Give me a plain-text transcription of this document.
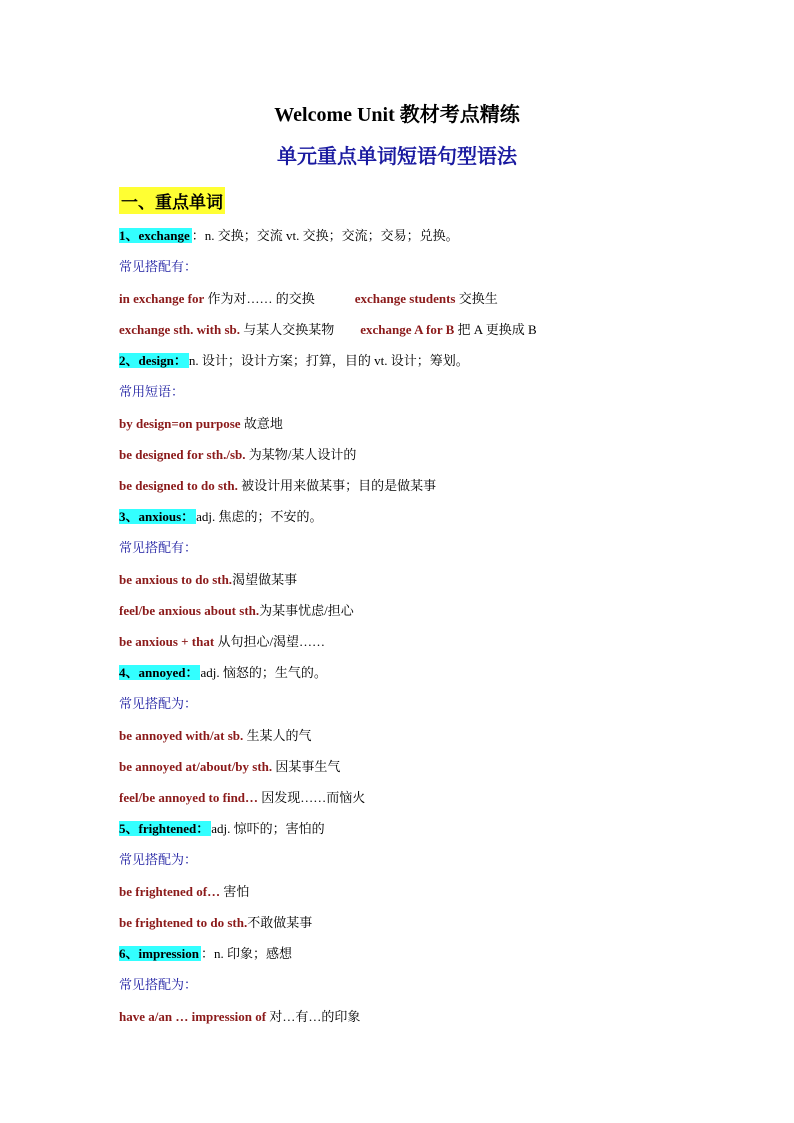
Welcome Unit 教材考点精练
单元重点单词短语句型语法
一、重点单词
1、exchange ：n. 交换；交流 vt. 交换；交流；交易；兑换。
常见搭配有：
in exchange for 作为对…… 的交换	exchange students 交换生
exchange sth. with sb. 与某人交换某物 exchange A for B 把 A 更换成 B
2、design： n. 设计；设计方案；打算，目的 vt. 设计；筹划。
常用短语：
by design=on purpose 故意地
be designed for sth./sb. 为某物/某人设计的
be designed to do sth. 被设计用来做某事；目的是做某事
3、anxious： adj. 焦虑的；不安的。
常见搭配有：
be anxious to do sth.渴望做某事
feel/be anxious about sth.为某事忧虑/担心
be anxious + that 从句担心/渴望……
4、annoyed： adj. 恼怒的；生气的。
常见搭配为：
be annoyed with/at sb. 生某人的气
be annoyed at/about/by sth. 因某事生气
feel/be annoyed to find… 因发现……而恼火
5、frightened： adj. 惊吓的；害怕的
常见搭配为：
be frightened of… 害怕
be frightened to do sth.不敢做某事
6、impression ：n. 印象；感想
常见搭配为：
have a/an … impression of 对…有…的印象
